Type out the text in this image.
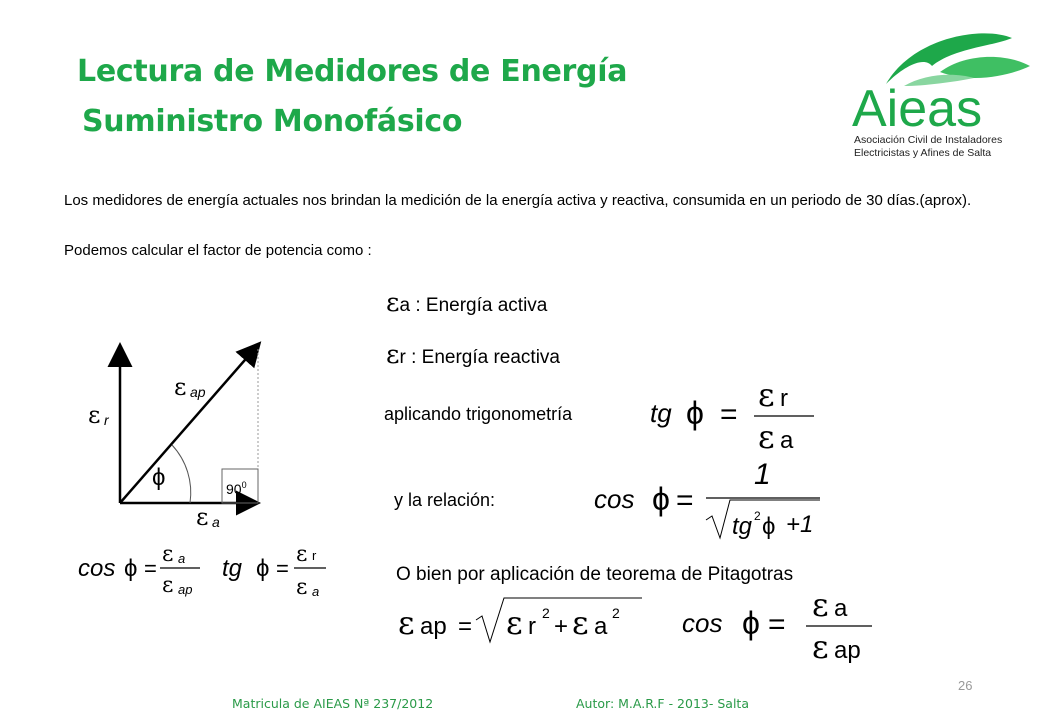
Lectura de Medidores de Energía
Suministro Monofásico	Aieas
Asociación Civil de Instaladores
Electricistas y Afines de Salta
Los medidores de energía actuales nos brindan la medición de la energía activa y reactiva, consumida en un periodo de 30 días.(aprox).
Podemos calcular el factor de potencia como :
εa : Energía activa
εr : Energía reactiva
ϕ	$90^0$
ε ap
ε r
ε a
cos ϕ =
ε a
ε ap
tg ϕ =
ε r
ε a
aplicando trigonometría	tg ϕ =
ε r
ε a
y la relación:	cos ϕ =
1
tg 2 ϕ +1
O bien por aplicación de teorema de Pitagotras
ε ap = ε r 2 + ε a 2 cos ϕ =
ε a
ε ap
Matricula de AIEAS Nª 237/2012	Autor: M.A.R.F - 2013- Salta
26
